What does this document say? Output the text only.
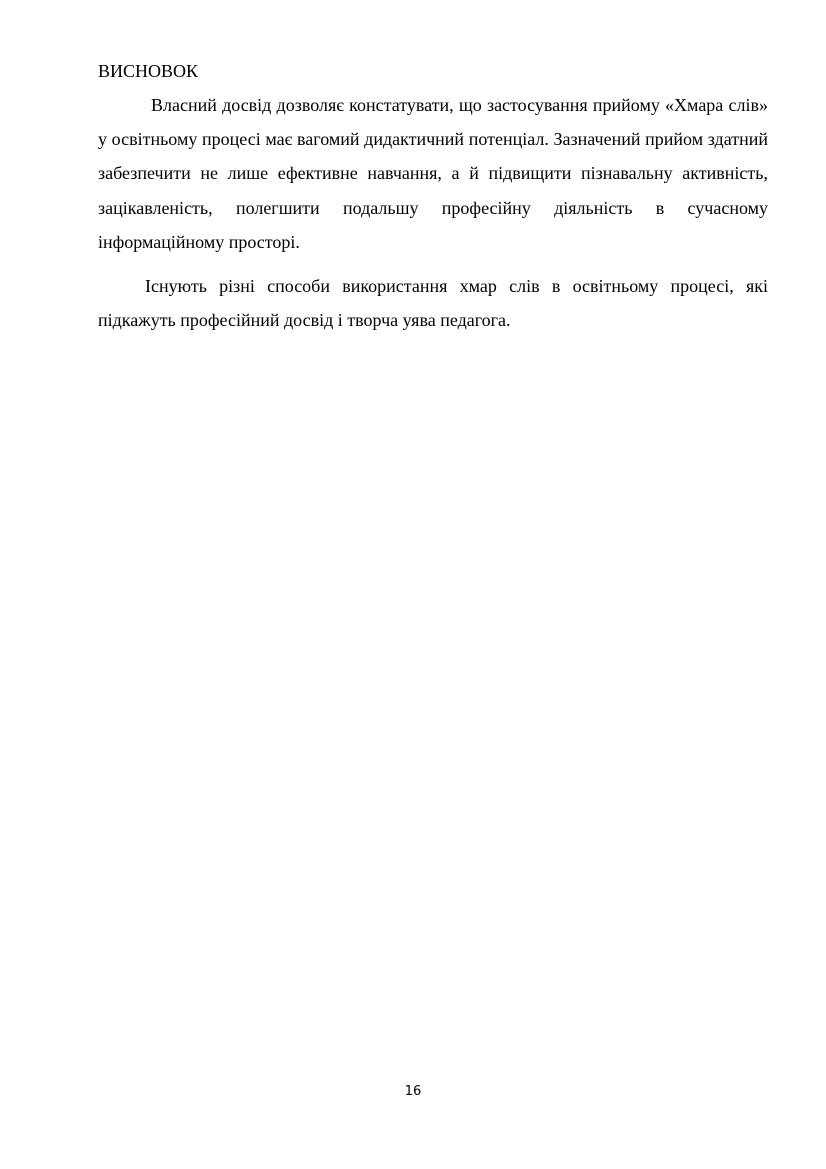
ВИСНОВОК

Власний досвід дозволяє констатувати, що застосування прийому «Хмара слів» у освітньому процесі має вагомий дидактичний потенціал. Зазначений прийом здатний забезпечити не лише ефективне навчання, а й підвищити пізнавальну активність, зацікавленість, полегшити подальшу професійну діяльність в сучасному інформаційному просторі.

Існують різні способи використання хмар слів в освітньому процесі, які підкажуть професійний досвід і творча уява педагога.

16
